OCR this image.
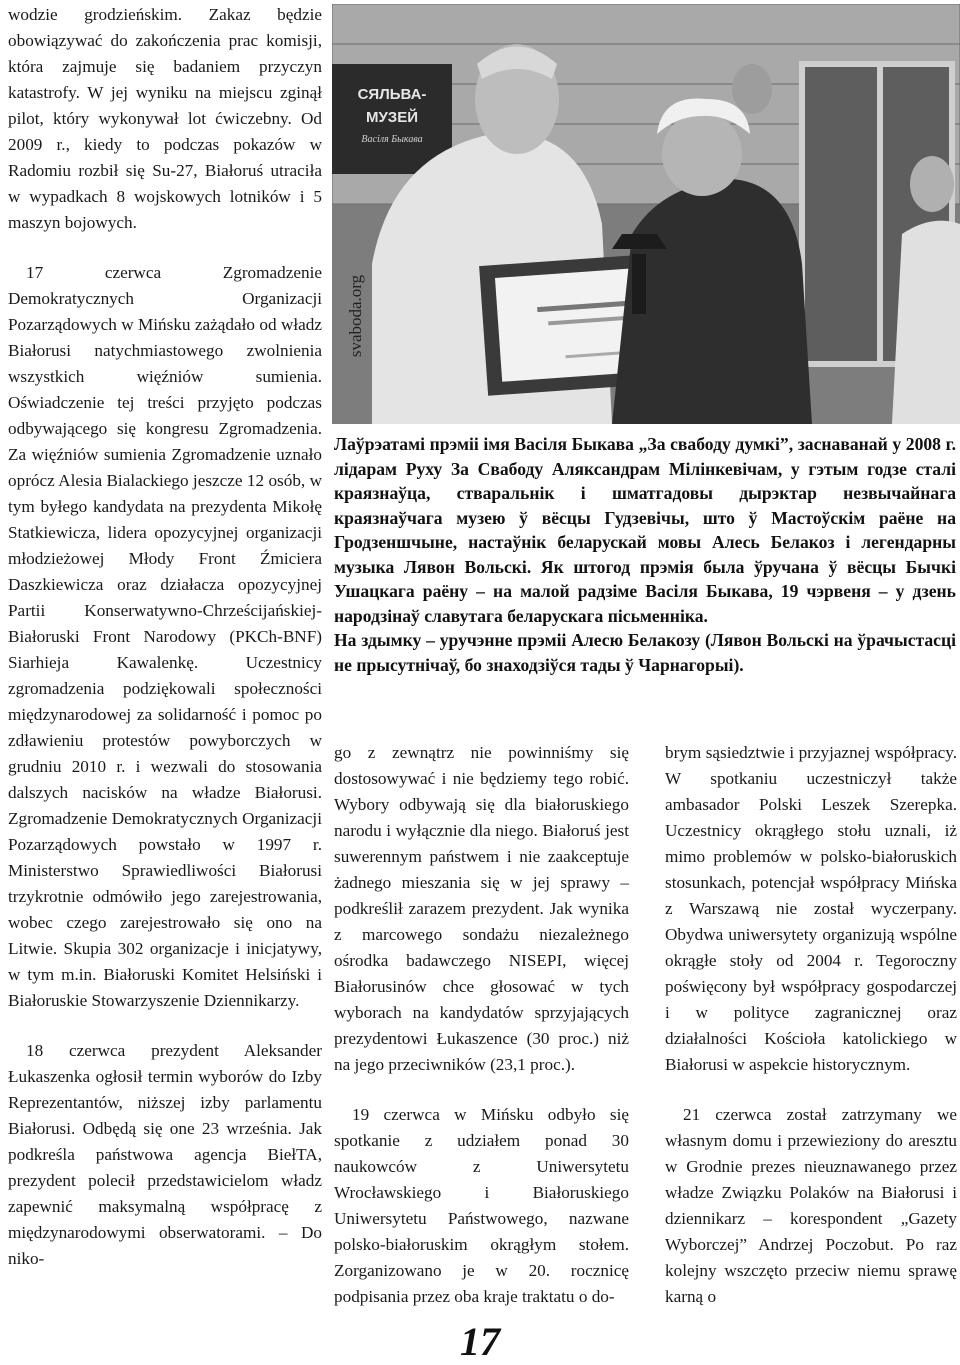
wodzie grodzieńskim. Zakaz będzie obowiązywać do zakończenia prac komisji, która zajmuje się badaniem przyczyn katastrofy. W jej wyniku na miejscu zginął pilot, który wykonywał lot ćwiczebny. Od 2009 r., kiedy to podczas pokazów w Radomiu rozbił się Su-27, Białoruś utraciła w wypadkach 8 wojskowych lotników i 5 maszyn bojowych.

17 czerwca Zgromadzenie Demokratycznych Organizacji Pozarządowych w Mińsku zażądało od władz Białorusi natychmiastowego zwolnienia wszystkich więźniów sumienia. Oświadczenie tej treści przyjęto podczas odbywającego się kongresu Zgromadzenia. Za więźniów sumienia Zgromadzenie uznało oprócz Alesia Bialackiego jeszcze 12 osób, w tym byłego kandydata na prezydenta Mikołę Statkiewicza, lidera opozycyjnej organizacji młodzieżowej Młody Front Źmiciera Daszkiewicza oraz działacza opozycyjnej Partii Konserwatywno-Chrześcijańskiej-Białoruski Front Narodowy (PKCh-BNF) Siarhieja Kawalenkę. Uczestnicy zgromadzenia podziękowali społeczności międzynarodowej za solidarność i pomoc po zdławieniu protestów powyborczych w grudniu 2010 r. i wezwali do stosowania dalszych nacisków na władze Białorusi. Zgromadzenie Demokratycznych Organizacji Pozarządowych powstało w 1997 r. Ministerstwo Sprawiedliwości Białorusi trzykrotnie odmówiło jego zarejestrowania, wobec czego zarejestrowało się ono na Litwie. Skupia 302 organizacje i inicjatywy, w tym m.in. Białoruski Komitet Helsiński i Białoruskie Stowarzyszenie Dziennikarzy.

18 czerwca prezydent Aleksander Łukaszenka ogłosił termin wyborów do Izby Reprezentantów, niższej izby parlamentu Białorusi. Odbędą się one 23 września. Jak podkreśla państwowa agencja BiełTA, prezydent polecił przedstawicielom władz zapewnić maksymalną współpracę z międzynarodowymi obserwatorami. – Do niko-

СЯЛЬВА-
МУЗЕЙ
Васіля Быкава
svaboda.org

Лаўрэатамі прэміі імя Васіля Быкава „За свабоду думкі”, заснаванай у 2008 г. лідарам Руху За Свабоду Аляксандрам Мілінкевічам, у гэтым годзе сталі краязнаўца, стваральнік і шматгадовы дырэктар незвычайнага краязнаўчага музею ў вёсцы Гудзевічы, што ў Мастоўскім раёне на Гродзеншчыне, настаўнік беларускай мовы Алесь Белакоз і легендарны музыка Лявон Вольскі. Як штогод прэмія была ўручана ў вёсцы Бычкі Ушацкага раёну – на малой радзіме Васіля Быкава, 19 чэрвеня – у дзень народзінаў славутага беларускага пісьменніка.

На здымку – уручэнне прэміі Алесю Белакозу (Лявон Вольскі на ўрачыстасці не прысутнічаў, бо знаходзіўся тады ў Чарнагорыі).

go z zewnątrz nie powinniśmy się dostosowywać i nie będziemy tego robić. Wybory odbywają się dla białoruskiego narodu i wyłącznie dla niego. Białoruś jest suwerennym państwem i nie zaakceptuje żadnego mieszania się w jej sprawy – podkreślił zarazem prezydent. Jak wynika z marcowego sondażu niezależnego ośrodka badawczego NISEPI, więcej Białorusinów chce głosować w tych wyborach na kandydatów sprzyjających prezydentowi Łukaszence (30 proc.) niż na jego przeciwników (23,1 proc.).

19 czerwca w Mińsku odbyło się spotkanie z udziałem ponad 30 naukowców z Uniwersytetu Wrocławskiego i Białoruskiego Uniwersytetu Państwowego, nazwane polsko-białoruskim okrągłym stołem. Zorganizowano je w 20. rocznicę podpisania przez oba kraje traktatu o do-

brym sąsiedztwie i przyjaznej współpracy. W spotkaniu uczestniczył także ambasador Polski Leszek Szerepka. Uczestnicy okrągłego stołu uznali, iż mimo problemów w polsko-białoruskich stosunkach, potencjał współpracy Mińska z Warszawą nie został wyczerpany. Obydwa uniwersytety organizują wspólne okrągłe stoły od 2004 r. Tegoroczny poświęcony był współpracy gospodarczej i w polityce zagranicznej oraz działalności Kościoła katolickiego w Białorusi w aspekcie historycznym.

21 czerwca został zatrzymany we własnym domu i przewieziony do aresztu w Grodnie prezes nieuznawanego przez władze Związku Polaków na Białorusi i dziennikarz – korespondent „Gazety Wyborczej” Andrzej Poczobut. Po raz kolejny wszczęto przeciw niemu sprawę karną o

17
